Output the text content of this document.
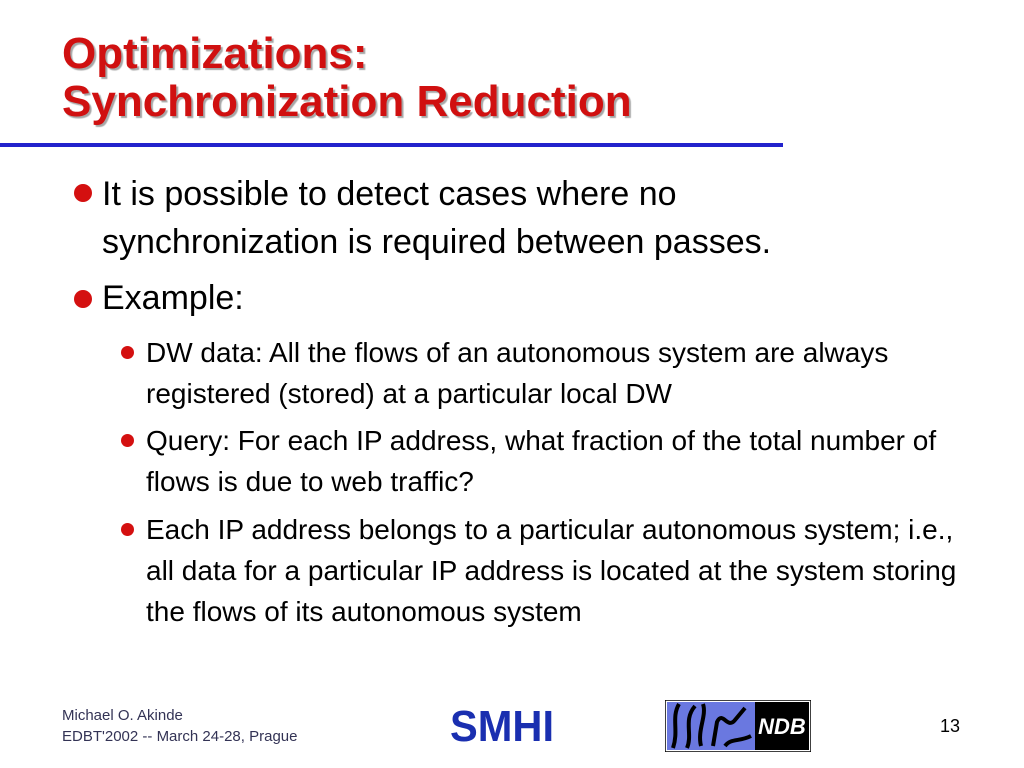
Optimizations:
Synchronization Reduction
It is possible to detect cases where no synchronization is required between passes.
Example:
DW data: All the flows of an autonomous system are always registered (stored) at a particular local DW
Query: For each IP address, what fraction of the total number of flows is due to web traffic?
Each IP address belongs to a particular autonomous system; i.e., all data for a particular IP address is located at the system storing the flows of its autonomous system
Michael O. Akinde
EDBT'2002 -- March 24-28, Prague	SMHI	NDB	13
